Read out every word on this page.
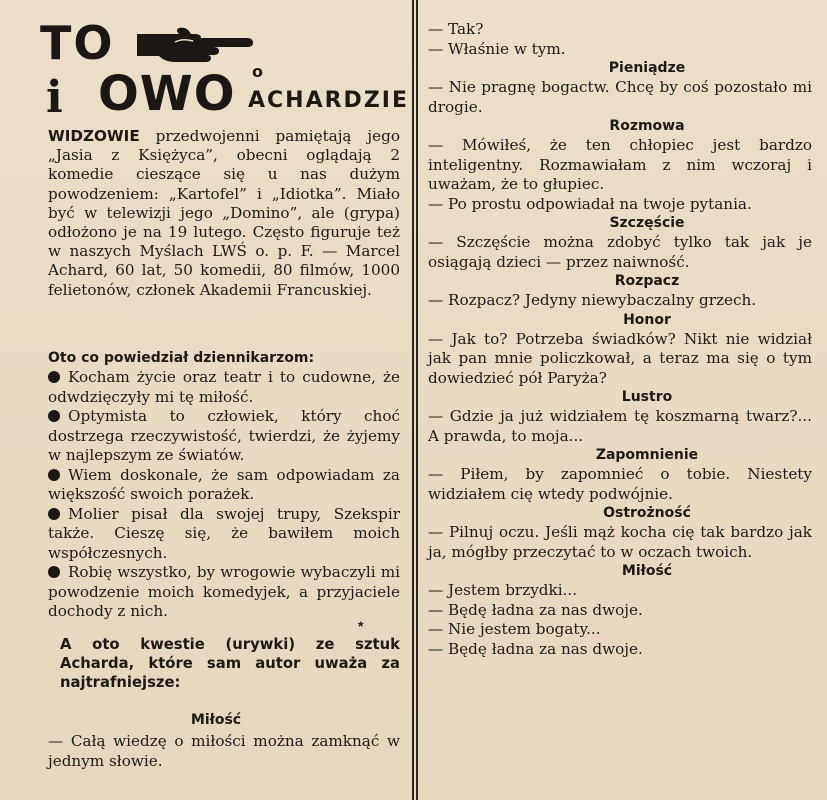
TO
i OWO o
ACHARDZIE
WIDZOWIE przedwojenni pamiętają jego „Jasia z Księżyca”, obecni oglądają 2 komedie cieszące się u nas dużym powodzeniem: „Kartofel” i „Idiotka”. Miało być w telewizji jego „Domino”, ale (grypa) odłożono je na 19 lutego. Często figuruje też w naszych Myślach LWŚ o. p. F. — Marcel Achard, 60 lat, 50 komedii, 80 filmów, 1000 felietonów, członek Akademii Francuskiej.
Oto co powiedział dziennikarzom:
Kocham życie oraz teatr i to cudowne, że odwdzięczyły mi tę miłość.
Optymista to człowiek, który choć dostrzega rzeczywistość, twierdzi, że żyjemy w najlepszym ze światów.
Wiem doskonale, że sam odpowiadam za większość swoich porażek.
Molier pisał dla swojej trupy, Szekspir także. Cieszę się, że bawiłem moich współczesnych.
Robię wszystko, by wrogowie wybaczyli mi powodzenie moich komedyjek, a przyjaciele dochody z nich.
*
A oto kwestie (urywki) ze sztuk Acharda, które sam autor uważa za najtrafniejsze:
Miłość
— Całą wiedzę o miłości można zamknąć w jednym słowie.
— Tak?
— Właśnie w tym.
Pieniądze
— Nie pragnę bogactw. Chcę by coś pozostało mi drogie.
Rozmowa
— Mówiłeś, że ten chłopiec jest bardzo inteligentny. Rozmawiałam z nim wczoraj i uważam, że to głupiec.
— Po prostu odpowiadał na twoje pytania.
Szczęście
— Szczęście można zdobyć tylko tak jak je osiągają dzieci — przez naiwność.
Rozpacz
— Rozpacz? Jedyny niewybaczalny grzech.
Honor
— Jak to? Potrzeba świadków? Nikt nie widział jak pan mnie policzkował, a teraz ma się o tym dowiedzieć pół Paryża?
Lustro
— Gdzie ja już widziałem tę koszmarną twarz?... A prawda, to moja...
Zapomnienie
— Piłem, by zapomnieć o tobie. Niestety widziałem cię wtedy podwójnie.
Ostrożność
— Pilnuj oczu. Jeśli mąż kocha cię tak bardzo jak ja, mógłby przeczytać to w oczach twoich.
Miłość
— Jestem brzydki...
— Będę ładna za nas dwoje.
— Nie jestem bogaty...
— Będę ładna za nas dwoje.
